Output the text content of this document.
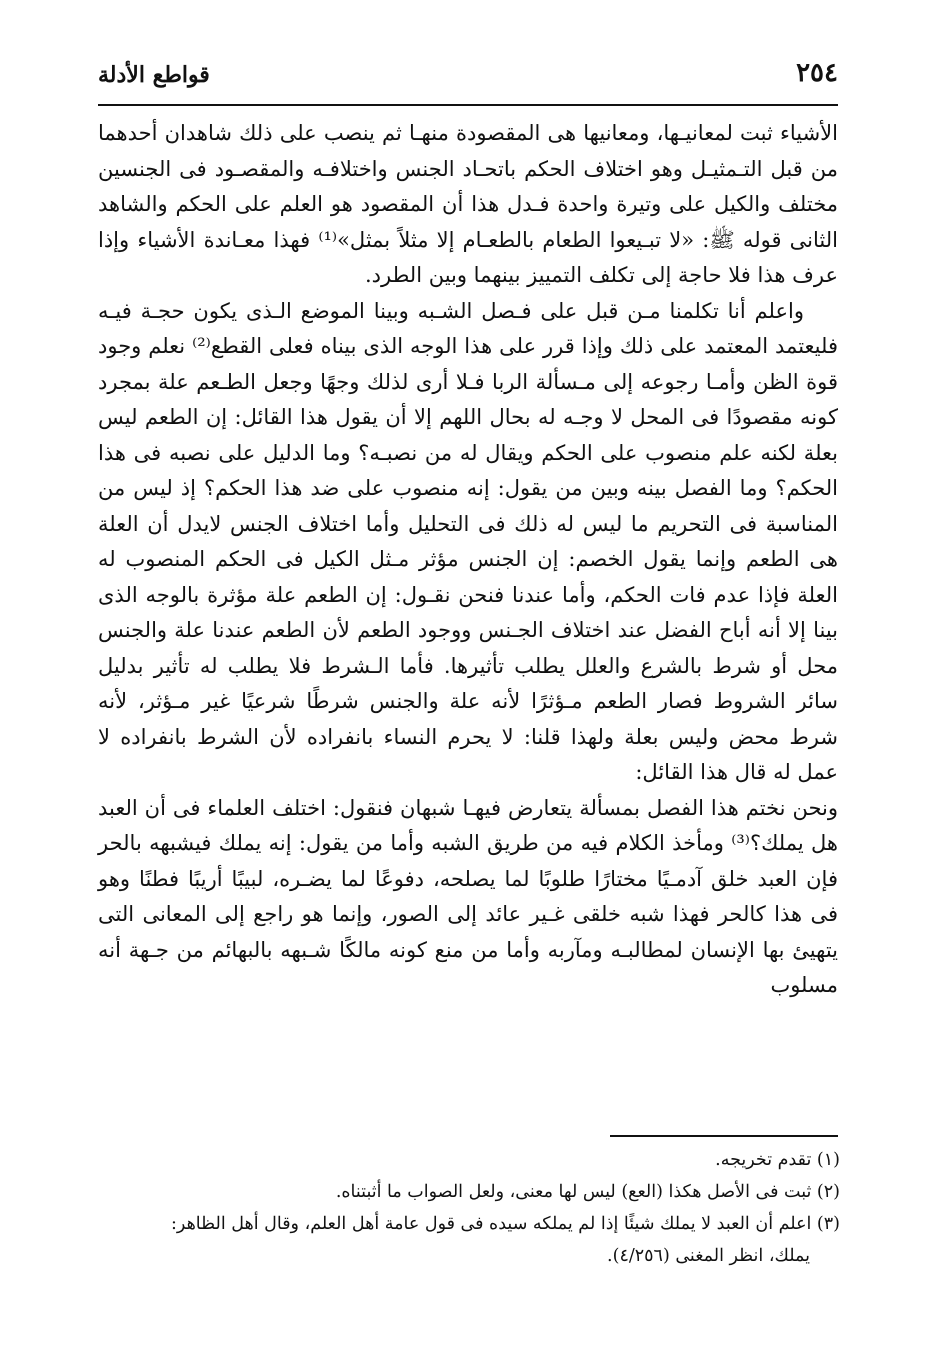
٢٥٤
قواطع الأدلة

الأشياء ثبت لمعانيـها، ومعانيها هى المقصودة منهـا ثم ينصب على ذلك شاهدان أحدهما من قبل التـمثيـل وهو اختلاف الحكم باتحـاد الجنس واختلافـه والمقصـود فى الجنسين مختلف والكيل على وتيرة واحدة فـدل هذا أن المقصود هو العلم على الحكم والشاهد الثانى قوله ﷺ: «لا تبـيعوا الطعام بالطعـام إلا مثلاً بمثل»⁽¹⁾ فهذا معـاندة الأشياء وإذا عرف هذا فلا حاجة إلى تكلف التمييز بينهما وبين الطرد.

واعلم أنا تكلمنا مـن قبل على فـصل الشـبه وبينا الموضع الـذى يكون حجـة فيـه فليعتمد المعتمد على ذلك وإذا قرر على هذا الوجه الذى بيناه فعلى القطع⁽²⁾ نعلم وجود قوة الظن وأمـا رجوعه إلى مـسألة الربا فـلا أرى لذلك وجهًا وجعل الطـعم علة بمجرد كونه مقصودًا فى المحل لا وجـه له بحال اللهم إلا أن يقول هذا القائل: إن الطعم ليس بعلة لكنه علم منصوب على الحكم ويقال له من نصبـه؟ وما الدليل على نصبه فى هذا الحكم؟ وما الفصل بينه وبين من يقول: إنه منصوب على ضد هذا الحكم؟ إذ ليس من المناسبة فى التحريم ما ليس له ذلك فى التحليل وأما اختلاف الجنس لايدل أن العلة هى الطعم وإنما يقول الخصم: إن الجنس مؤثر مـثل الكيل فى الحكم المنصوب له العلة فإذا عدم فات الحكم، وأما عندنا فنحن نقـول: إن الطعم علة مؤثرة بالوجه الذى بينا إلا أنه أباح الفضل عند اختلاف الجـنس ووجود الطعم لأن الطعم عندنا علة والجنس محل أو شرط بالشرع والعلل يطلب تأثيرها. فأما الـشرط فلا يطلب له تأثير بدليل سائر الشروط فصار الطعم مـؤثرًا لأنه علة والجنس شرطًا شرعيًا غير مـؤثر، لأنه شرط محض وليس بعلة ولهذا قلنا: لا يحرم النساء بانفراده لأن الشرط بانفراده لا عمل له قال هذا القائل:

ونحن نختم هذا الفصل بمسألة يتعارض فيهـا شبهان فنقول: اختلف العلماء فى أن العبد هل يملك؟⁽³⁾ ومأخذ الكلام فيه من طريق الشبه وأما من يقول: إنه يملك فيشبهه بالحر فإن العبد خلق آدمـيًا مختارًا طلوبًا لما يصلحه، دفوعًا لما يضـره، لبيبًا أريبًا فطنًا وهو فى هذا كالحر فهذا شبه خلقى غـير عائد إلى الصور، وإنما هو راجع إلى المعانى التى يتهيئ بها الإنسان لمطالبـه ومآربه وأما من منع كونه مالكًا شـبهه بالبهائم من جـهة أنه مسلوب

(١) تقدم تخريجه.

(٢) ثبت فى الأصل هكذا (العع) ليس لها معنى، ولعل الصواب ما أثبتناه.

(٣) اعلم أن العبد لا يملك شيئًا إذا لم يملكه سيده فى قول عامة أهل العلم، وقال أهل الظاهر:

يملك، انظر المغنى (٤/٢٥٦).
